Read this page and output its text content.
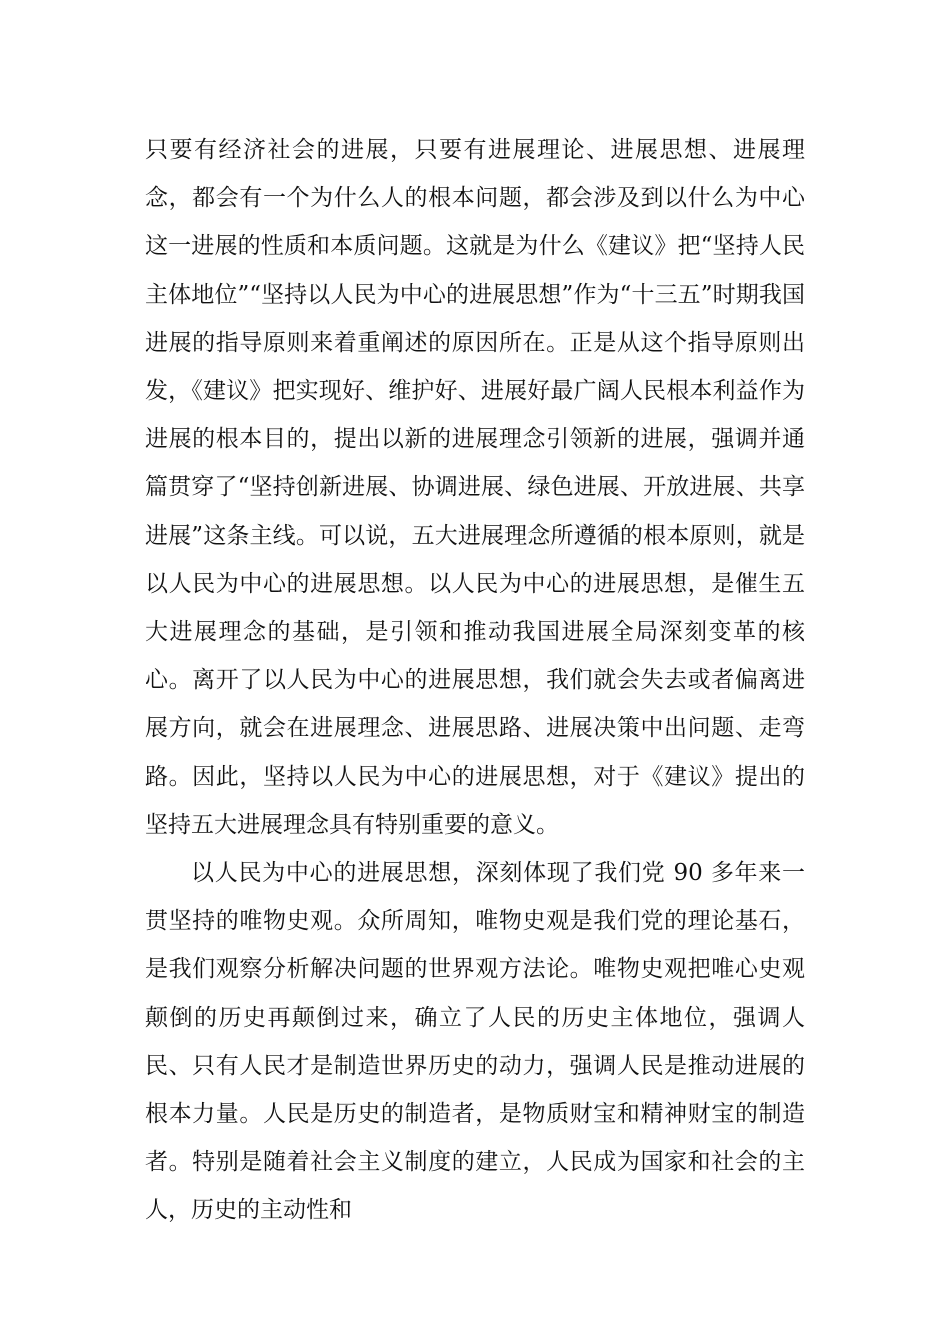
只要有经济社会的进展，只要有进展理论、进展思想、进展理念，都会有一个为什么人的根本问题，都会涉及到以什么为中心这一进展的性质和本质问题。这就是为什么《建议》把“坚持人民主体地位”“坚持以人民为中心的进展思想”作为“十三五”时期我国进展的指导原则来着重阐述的原因所在。正是从这个指导原则出发，《建议》把实现好、维护好、进展好最广阔人民根本利益作为进展的根本目的，提出以新的进展理念引领新的进展，强调并通篇贯穿了“坚持创新进展、协调进展、绿色进展、开放进展、共享进展”这条主线。可以说，五大进展理念所遵循的根本原则，就是以人民为中心的进展思想。以人民为中心的进展思想，是催生五大进展理念的基础，是引领和推动我国进展全局深刻变革的核心。离开了以人民为中心的进展思想，我们就会失去或者偏离进展方向，就会在进展理念、进展思路、进展决策中出问题、走弯路。因此，坚持以人民为中心的进展思想，对于《建议》提出的坚持五大进展理念具有特别重要的意义。

以人民为中心的进展思想，深刻体现了我们党 90 多年来一贯坚持的唯物史观。众所周知，唯物史观是我们党的理论基石，是我们观察分析解决问题的世界观方法论。唯物史观把唯心史观颠倒的历史再颠倒过来，确立了人民的历史主体地位，强调人民、只有人民才是制造世界历史的动力，强调人民是推动进展的根本力量。人民是历史的制造者，是物质财宝和精神财宝的制造者。特别是随着社会主义制度的建立，人民成为国家和社会的主人，历史的主动性和
